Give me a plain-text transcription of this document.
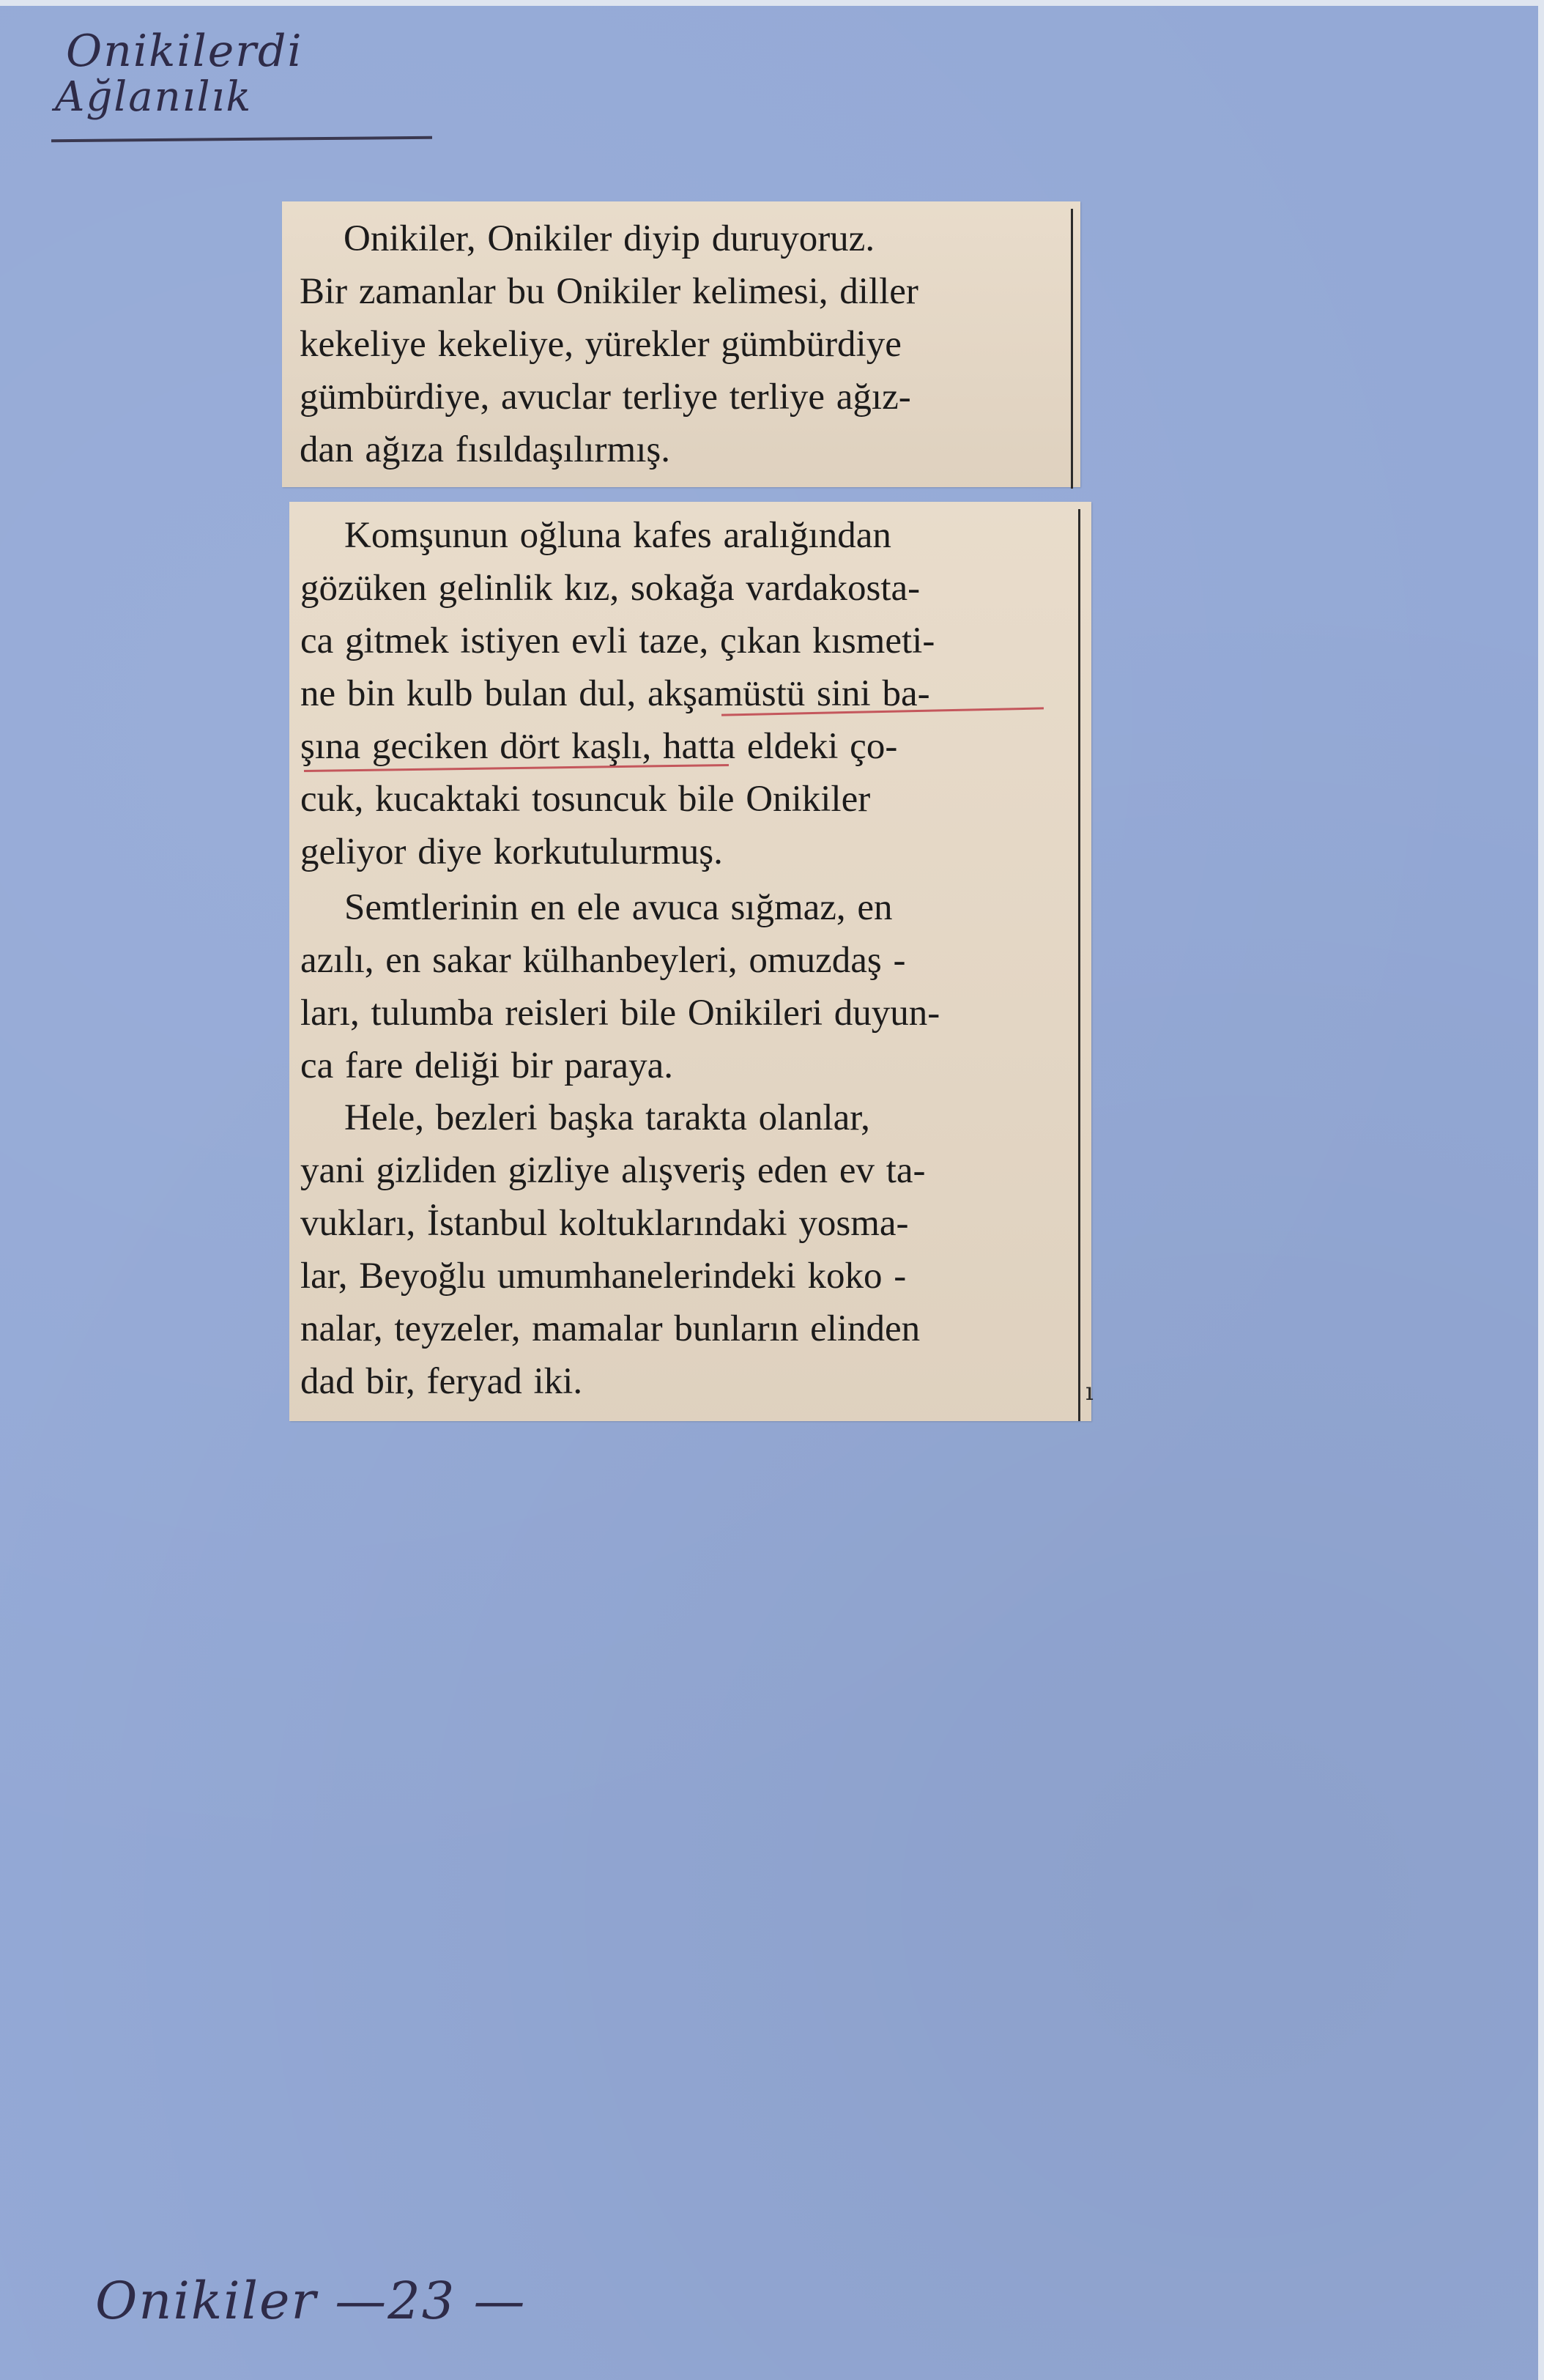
Onikilerdi
Ağlanılık

Onikiler, Onikiler diyip duruyoruz.
Bir zamanlar bu Onikiler kelimesi, diller
kekeliye kekeliye, yürekler gümbürdiye
gümbürdiye, avuclar terliye terliye ağız-
dan ağıza fısıldaşılırmış.

Komşunun oğluna kafes aralığından
gözüken gelinlik kız, sokağa vardakosta-
ca gitmek istiyen evli taze, çıkan kısmeti-
ne bin kulb bulan dul, akşamüstü sini ba-
şına geciken dört kaşlı, hatta eldeki ço-
cuk, kucaktaki tosuncuk bile Onikiler
geliyor diye korkutulurmuş.

Semtlerinin en ele avuca sığmaz, en
azılı, en sakar külhanbeyleri, omuzdaş -
ları, tulumba reisleri bile Onikileri duyun-
ca fare deliği bir paraya.

Hele, bezleri başka tarakta olanlar,
yani gizliden gizliye alışveriş eden ev ta-
vukları, İstanbul koltuklarındaki yosma-
lar, Beyoğlu umumhanelerindeki koko -
nalar, teyzeler, mamalar bunların elinden
dad bir, feryad iki.	ı
Onikiler —23 —
